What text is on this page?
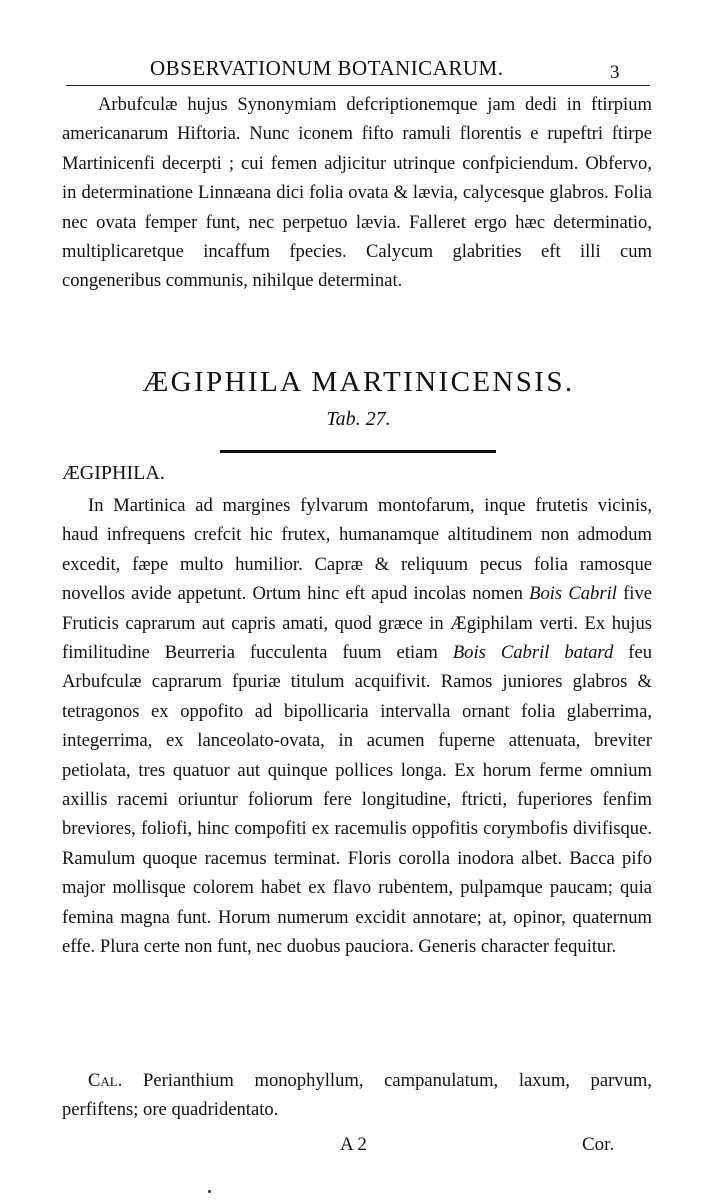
OBSERVATIONUM BOTANICARUM.	3

Arbufculæ hujus Synonymiam defcriptionemque jam dedi in ftirpium americanarum Hiftoria. Nunc iconem fifto ramuli florentis e rupeftri ftirpe Martinicenfi decerpti ; cui femen adjicitur utrinque confpiciendum. Obfervo, in determinatione Linnæana dici folia ovata & lævia, calycesque glabros. Folia nec ovata femper funt, nec perpetuo lævia. Falleret ergo hæc determinatio, multiplicaretque incaffum fpecies. Calycum glabrities eft illi cum congeneribus communis, nihilque determinat.

ÆGIPHILA MARTINICENSIS.
Tab. 27.
ÆGIPHILA.

In Martinica ad margines fylvarum montofarum, inque frutetis vicinis, haud infrequens crefcit hic frutex, humanamque altitudinem non admodum excedit, fæpe multo humilior. Capræ & reliquum pecus folia ramosque novellos avide appetunt. Ortum hinc eft apud incolas nomen Bois Cabril five Fruticis caprarum aut capris amati, quod græce in Ægiphilam verti. Ex hujus fimilitudine Beurreria fucculenta fuum etiam Bois Cabril batard feu Arbufculæ caprarum fpuriæ titulum acquifivit. Ramos juniores glabros & tetragonos ex oppofito ad bipollicaria intervalla ornant folia glaberrima, integerrima, ex lanceolato-ovata, in acumen fuperne attenuata, breviter petiolata, tres quatuor aut quinque pollices longa. Ex horum ferme omnium axillis racemi oriuntur foliorum fere longitudine, ftricti, fuperiores fenfim breviores, foliofi, hinc compofiti ex racemulis oppofitis corymbofis divifisque. Ramulum quoque racemus terminat. Floris corolla inodora albet. Bacca pifo major mollisque colorem habet ex flavo rubentem, pulpamque paucam; quia femina magna funt. Horum numerum excidit annotare; at, opinor, quaternum effe. Plura certe non funt, nec duobus pauciora. Generis character fequitur.

Cal. Perianthium monophyllum, campanulatum, laxum, parvum, perfiftens; ore quadridentato.

A 2	Cor.
